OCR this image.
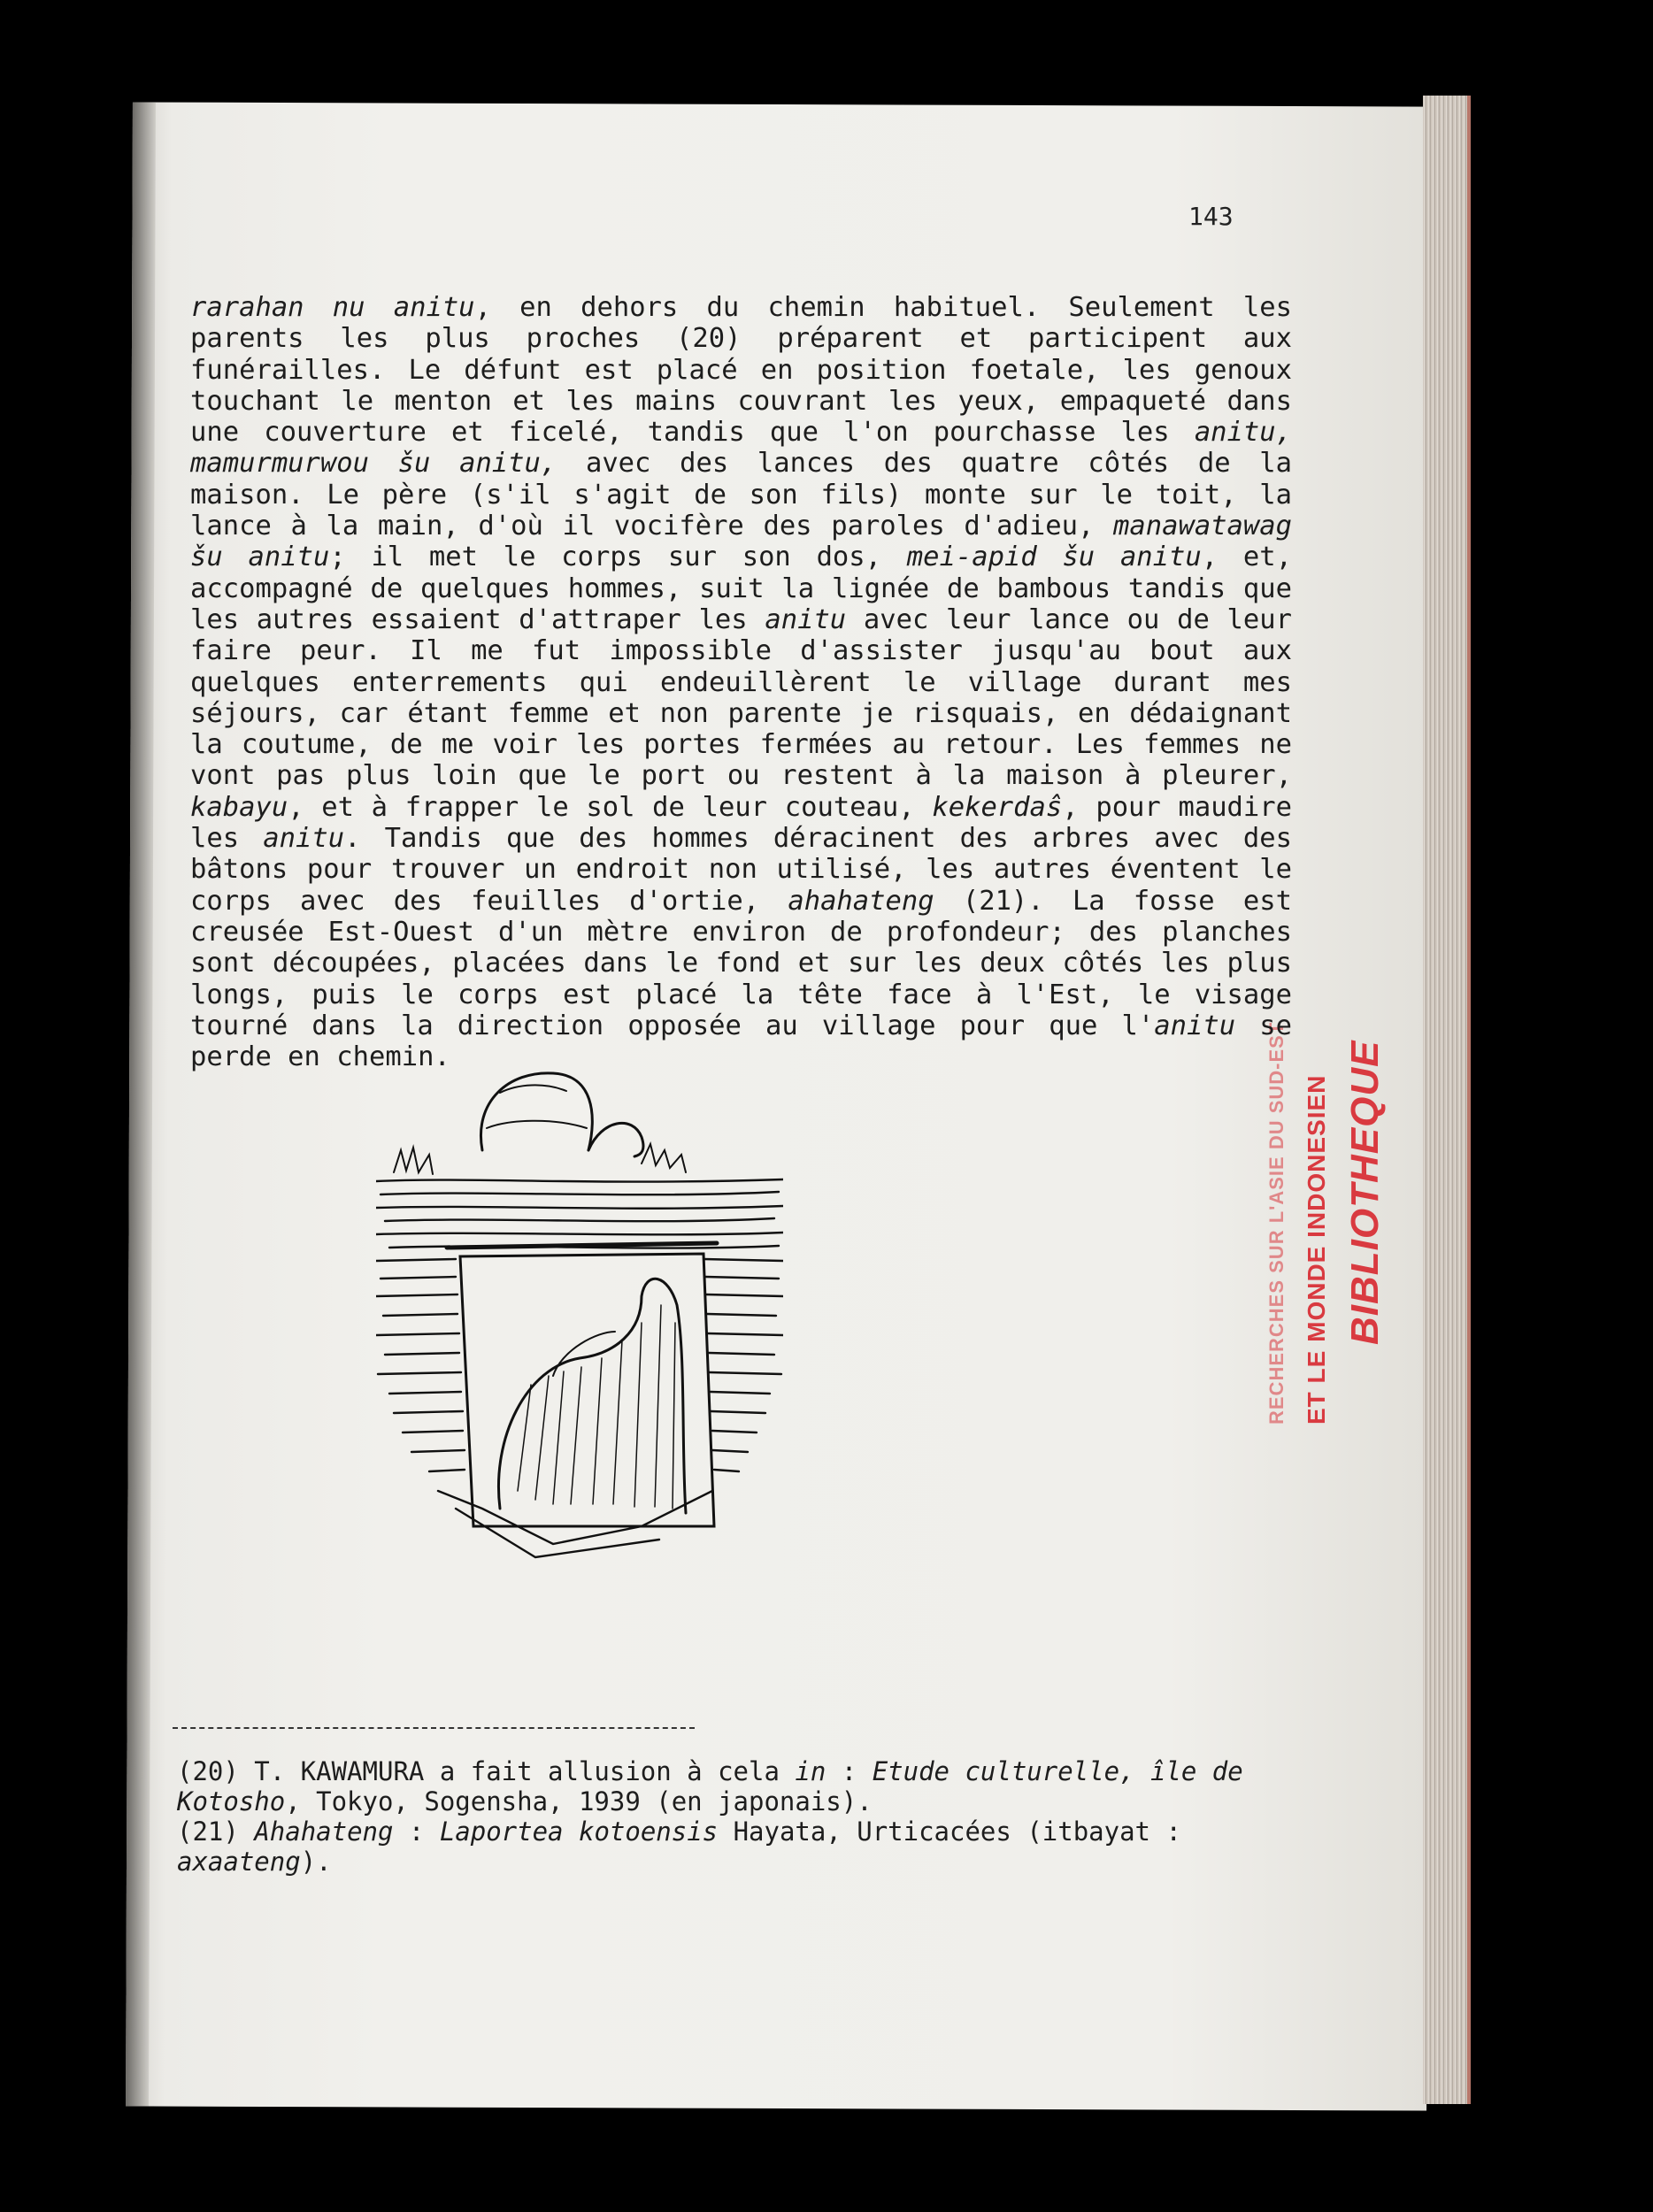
RECHERCHES SUR L'ASIE DU SUD-EST ET LE MONDE INDONESIEN BIBLIOTHEQUE
143

rarahan nu anitu, en dehors du chemin habituel. Seulement les parents les plus proches (20) préparent et participent aux funérailles. Le défunt est placé en position foetale, les genoux touchant le menton et les mains couvrant les yeux, empaqueté dans une couverture et ficelé, tandis que l'on pourchasse les anitu, mamurmurwou šu anitu, avec des lances des quatre côtés de la maison. Le père (s'il s'agit de son fils) monte sur le toit, la lance à la main, d'où il vocifère des paroles d'adieu, manawatawag šu anitu; il met le corps sur son dos, mei-apid šu anitu, et, accompagné de quelques hommes, suit la lignée de bambous tandis que les autres essaient d'attraper les anitu avec leur lance ou de leur faire peur. Il me fut impossible d'assister jusqu'au bout aux quelques enterrements qui endeuillèrent le village durant mes séjours, car étant femme et non parente je risquais, en dédaignant la coutume, de me voir les portes fermées au retour. Les femmes ne vont pas plus loin que le port ou restent à la maison à pleurer, kabayu, et à frapper le sol de leur couteau, kekerdaŝ, pour maudire les anitu. Tandis que des hommes déracinent des arbres avec des bâtons pour trouver un endroit non utilisé, les autres éventent le corps avec des feuilles d'ortie, ahahateng (21). La fosse est creusée Est-Ouest d'un mètre environ de profondeur; des planches sont découpées, placées dans le fond et sur les deux côtés les plus longs, puis le corps est placé la tête face à l'Est, le visage tourné dans la direction opposée au village pour que l'anitu se perde en chemin.

(20) T. KAWAMURA a fait allusion à cela in : Etude culturelle, île de Kotosho, Tokyo, Sogensha, 1939 (en japonais).
(21) Ahahateng : Laportea kotoensis Hayata, Urticacées (itbayat : axaateng).
